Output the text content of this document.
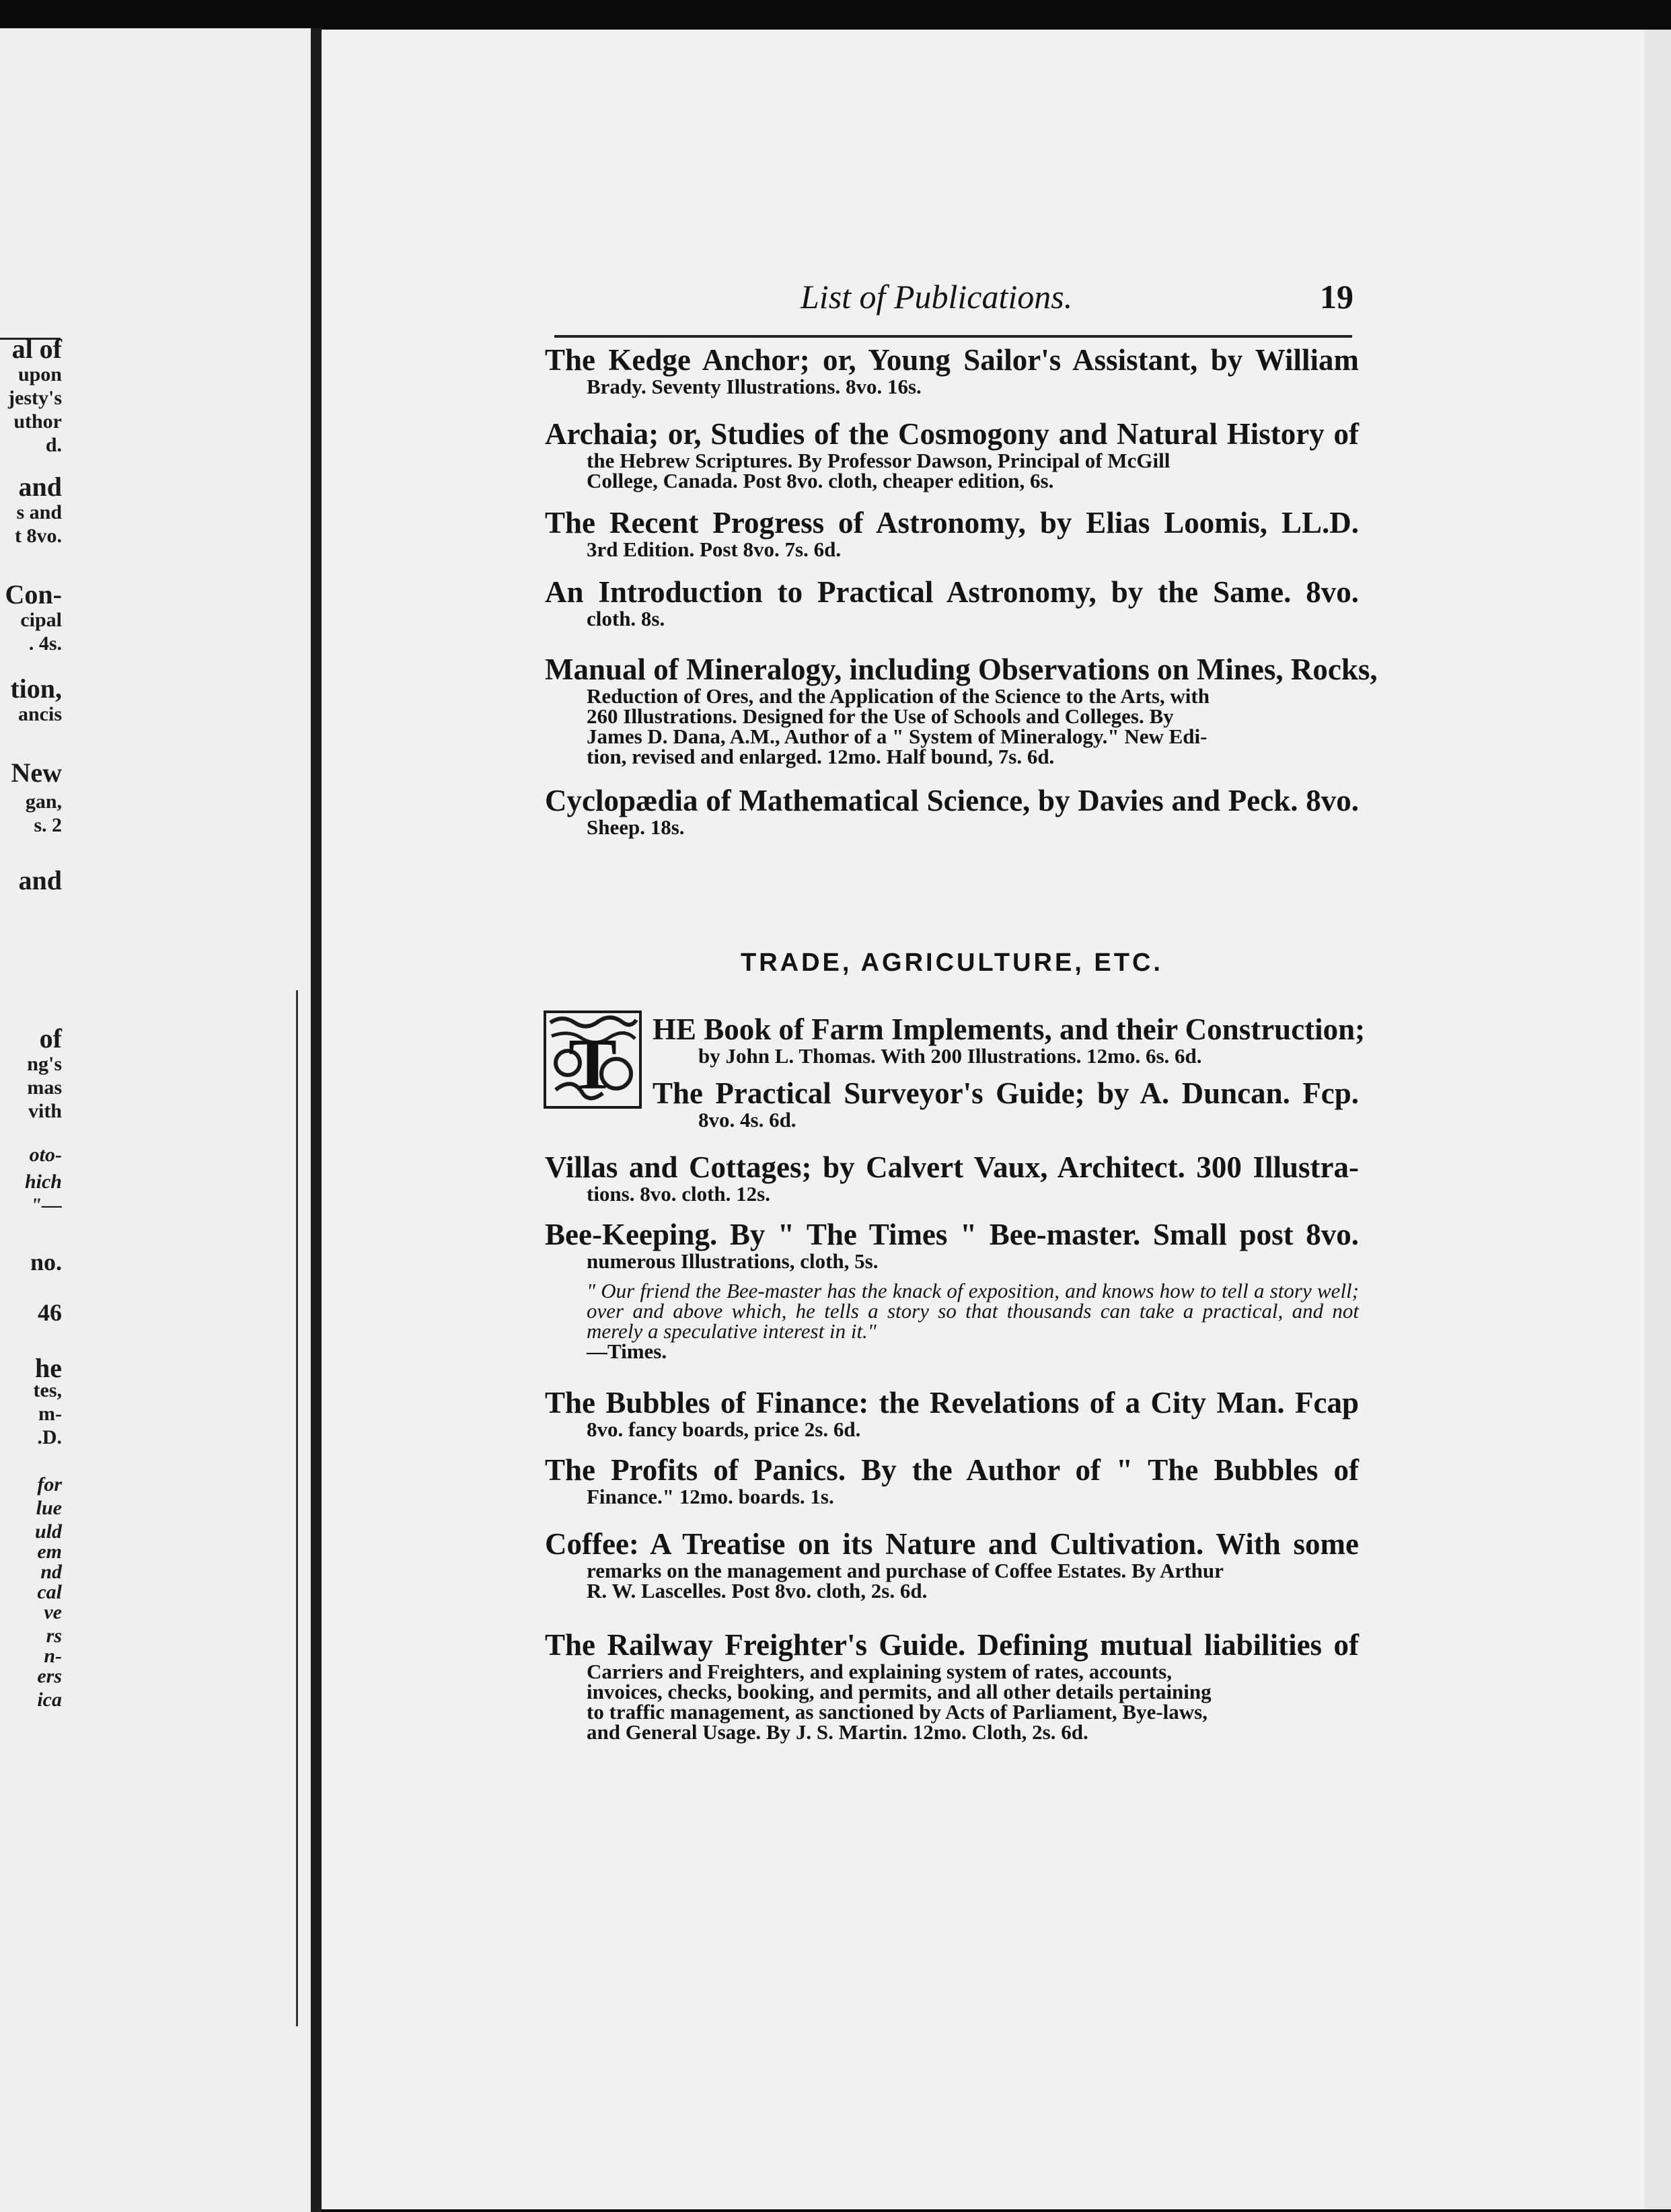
al of
upon
jesty's
uthor
d.
and
s and
t 8vo.
Con-
cipal
. 4s.
tion,
ancis
New
gan,
s. 2
and
of
ng's
mas
vith
oto-
hich
"—
no.
46
he
tes,
m-
.D.
for
lue
uld
em
nd
cal
ve
rs
n-
ers
ica
List of Publications.	19
The Kedge Anchor; or, Young Sailor's Assistant, by William
Brady. Seventy Illustrations. 8vo. 16s.
Archaia; or, Studies of the Cosmogony and Natural History of
the Hebrew Scriptures. By Professor Dawson, Principal of McGill
College, Canada. Post 8vo. cloth, cheaper edition, 6s.
The Recent Progress of Astronomy, by Elias Loomis, LL.D.
3rd Edition. Post 8vo. 7s. 6d.
An Introduction to Practical Astronomy, by the Same. 8vo.
cloth. 8s.
Manual of Mineralogy, including Observations on Mines, Rocks,
Reduction of Ores, and the Application of the Science to the Arts, with
260 Illustrations. Designed for the Use of Schools and Colleges. By
James D. Dana, A.M., Author of a " System of Mineralogy." New Edi-
tion, revised and enlarged. 12mo. Half bound, 7s. 6d.
Cyclopædia of Mathematical Science, by Davies and Peck. 8vo.
Sheep. 18s.
TRADE, AGRICULTURE, ETC.
T HE Book of Farm Implements, and their Construction;
by John L. Thomas. With 200 Illustrations. 12mo. 6s. 6d.
The Practical Surveyor's Guide; by A. Duncan. Fcp.
8vo. 4s. 6d.
Villas and Cottages; by Calvert Vaux, Architect. 300 Illustra-
tions. 8vo. cloth. 12s.
Bee-Keeping. By " The Times " Bee-master. Small post 8vo.
numerous Illustrations, cloth, 5s.
" Our friend the Bee-master has the knack of exposition, and knows how to tell a story well; over and above which, he tells a story so that thousands can take a practical, and not merely a speculative interest in it."
—Times.
The Bubbles of Finance: the Revelations of a City Man. Fcap
8vo. fancy boards, price 2s. 6d.
The Profits of Panics. By the Author of " The Bubbles of
Finance." 12mo. boards. 1s.
Coffee: A Treatise on its Nature and Cultivation. With some
remarks on the management and purchase of Coffee Estates. By Arthur
R. W. Lascelles. Post 8vo. cloth, 2s. 6d.
The Railway Freighter's Guide. Defining mutual liabilities of
Carriers and Freighters, and explaining system of rates, accounts,
invoices, checks, booking, and permits, and all other details pertaining
to traffic management, as sanctioned by Acts of Parliament, Bye-laws,
and General Usage. By J. S. Martin. 12mo. Cloth, 2s. 6d.
